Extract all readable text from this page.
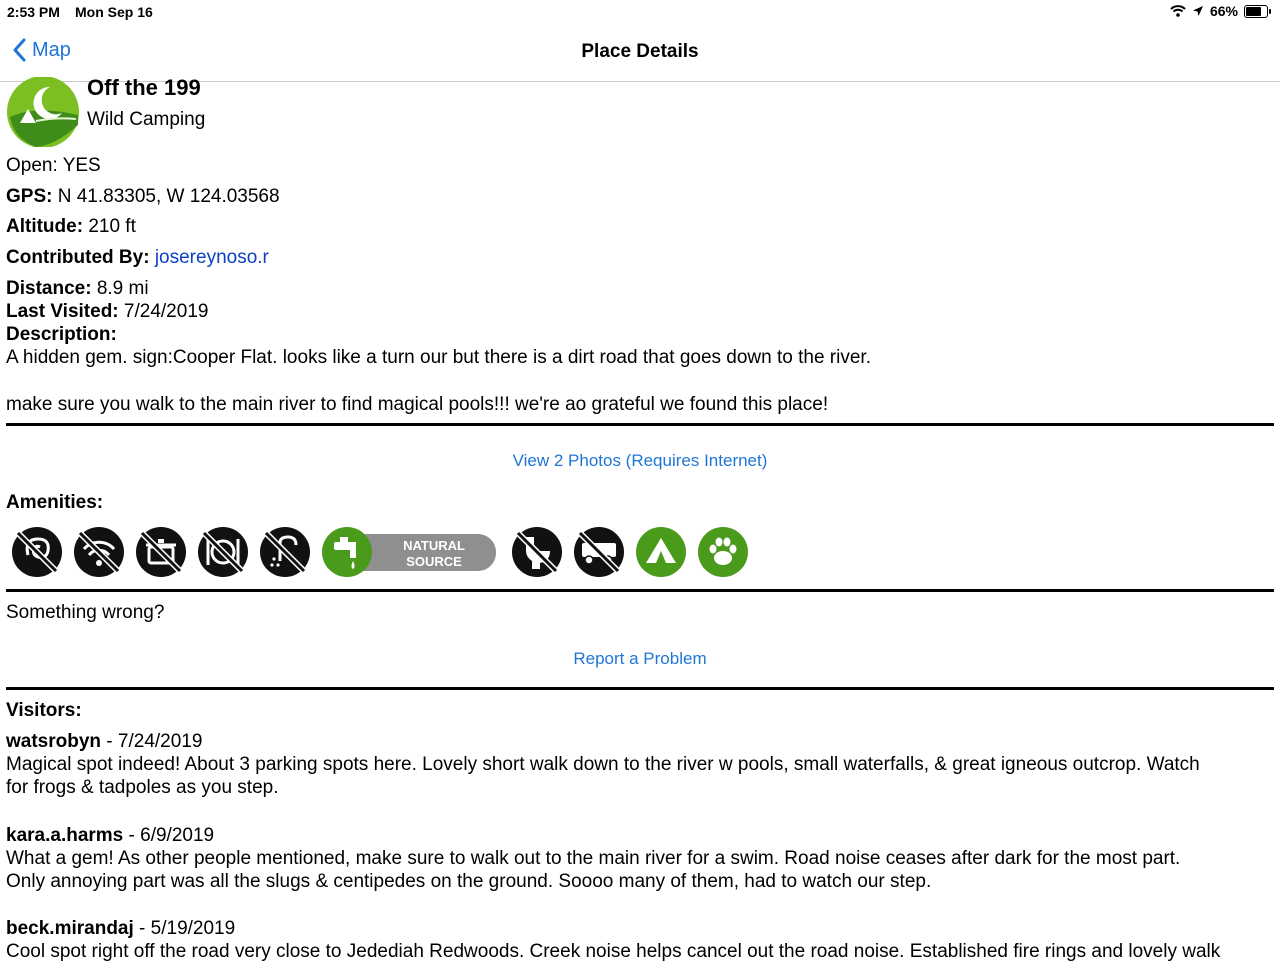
2:53 PM Mon Sep 16	66%
Map	Place Details
Off the 199
Wild Camping
Open: YES
GPS: N 41.83305, W 124.03568
Altitude: 210 ft
Contributed By: josereynoso.r
Distance: 8.9 mi
Last Visited: 7/24/2019
Description:
A hidden gem. sign:Cooper Flat. looks like a turn our but there is a dirt road that goes down to the river.
make sure you walk to the main river to find magical pools!!! we're ao grateful we found this place!
View 2 Photos (Requires Internet)
Amenities:
NATURAL
SOURCE
Something wrong?
Report a Problem
Visitors:
watsrobyn - 7/24/2019
Magical spot indeed! About 3 parking spots here. Lovely short walk down to the river w pools, small waterfalls, & great igneous outcrop. Watch
for frogs & tadpoles as you step.
kara.a.harms - 6/9/2019
What a gem! As other people mentioned, make sure to walk out to the main river for a swim. Road noise ceases after dark for the most part.
Only annoying part was all the slugs & centipedes on the ground. Soooo many of them, had to watch our step.
beck.mirandaj - 5/19/2019
Cool spot right off the road very close to Jedediah Redwoods. Creek noise helps cancel out the road noise. Established fire rings and lovely walk
